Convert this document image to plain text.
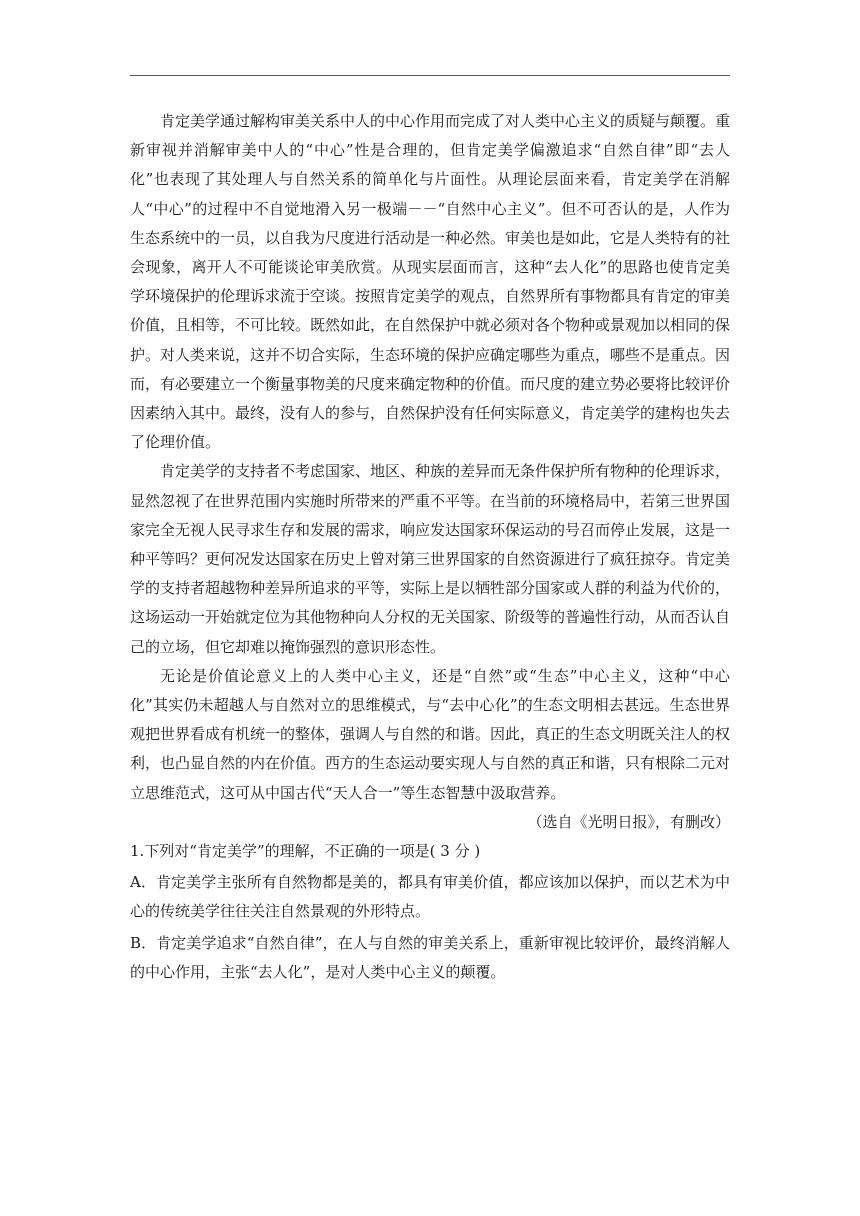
肯定美学通过解构审美关系中人的中心作用而完成了对人类中心主义的质疑与颠覆。重新审视并消解审美中人的“中心”性是合理的，但肯定美学偏激追求“自然自律”即“去人化”也表现了其处理人与自然关系的简单化与片面性。从理论层面来看，肯定美学在消解人“中心”的过程中不自觉地滑入另一极端－－“自然中心主义”。但不可否认的是，人作为生态系统中的一员，以自我为尺度进行活动是一种必然。审美也是如此，它是人类特有的社会现象，离开人不可能谈论审美欣赏。从现实层面而言，这种“去人化”的思路也使肯定美学环境保护的伦理诉求流于空谈。按照肯定美学的观点，自然界所有事物都具有肯定的审美价值，且相等，不可比较。既然如此，在自然保护中就必须对各个物种或景观加以相同的保护。对人类来说，这并不切合实际，生态环境的保护应确定哪些为重点，哪些不是重点。因而，有必要建立一个衡量事物美的尺度来确定物种的价值。而尺度的建立势必要将比较评价因素纳入其中。最终，没有人的参与，自然保护没有任何实际意义，肯定美学的建构也失去了伦理价值。

肯定美学的支持者不考虑国家、地区、种族的差异而无条件保护所有物种的伦理诉求，显然忽视了在世界范围内实施时所带来的严重不平等。在当前的环境格局中，若第三世界国家完全无视人民寻求生存和发展的需求，响应发达国家环保运动的号召而停止发展，这是一种平等吗？更何况发达国家在历史上曾对第三世界国家的自然资源进行了疯狂掠夺。肯定美学的支持者超越物种差异所追求的平等，实际上是以牺牲部分国家或人群的利益为代价的，这场运动一开始就定位为其他物种向人分权的无关国家、阶级等的普遍性行动，从而否认自己的立场，但它却难以掩饰强烈的意识形态性。

无论是价值论意义上的人类中心主义，还是“自然”或“生态”中心主义，这种“中心化”其实仍未超越人与自然对立的思维模式，与“去中心化”的生态文明相去甚远。生态世界观把世界看成有机统一的整体，强调人与自然的和谐。因此，真正的生态文明既关注人的权利，也凸显自然的内在价值。西方的生态运动要实现人与自然的真正和谐，只有根除二元对立思维范式，这可从中国古代“天人合一”等生态智慧中汲取营养。

（选自《光明日报》，有删改）

1.下列对“肯定美学”的理解，不正确的一项是( 3 分 )

A．肯定美学主张所有自然物都是美的，都具有审美价值，都应该加以保护，而以艺术为中心的传统美学往往关注自然景观的外形特点。

B．肯定美学追求“自然自律”，在人与自然的审美关系上，重新审视比较评价，最终消解人的中心作用，主张“去人化”，是对人类中心主义的颠覆。
